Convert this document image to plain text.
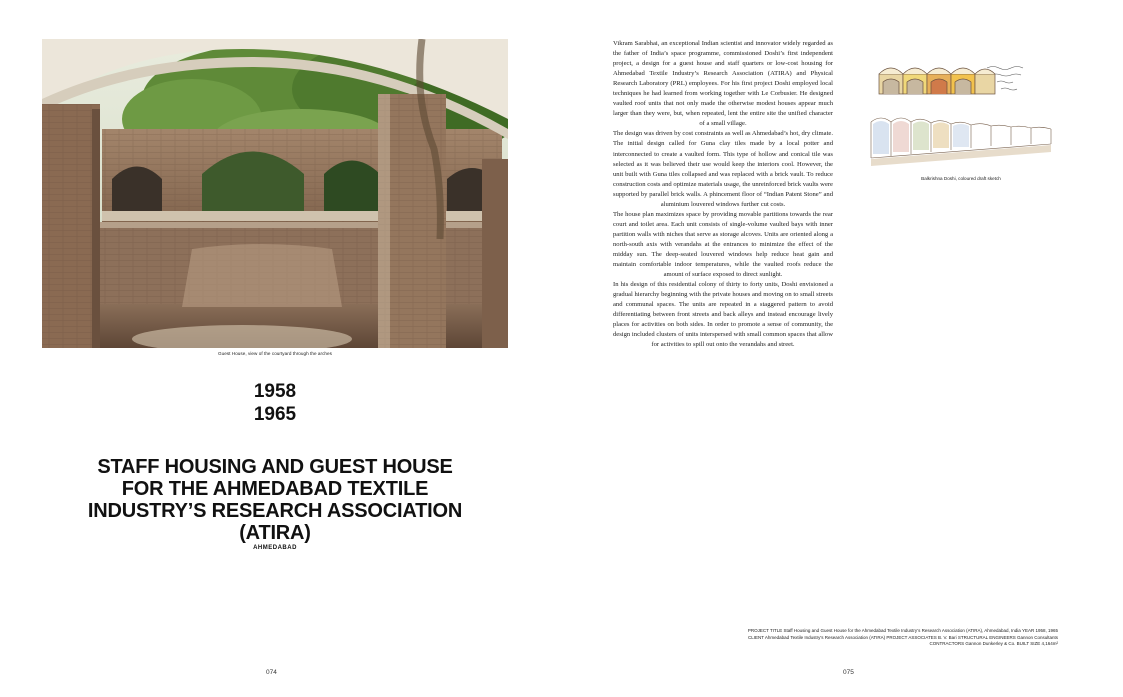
Guest House, view of the courtyard through the arches
1958
1965
STAFF HOUSING AND GUEST HOUSE
FOR THE AHMEDABAD TEXTILE
INDUSTRY’S RESEARCH ASSOCIATION
(ATIRA)
AHMEDABAD
074

Vikram Sarabhai, an exceptional Indian scientist and innovator widely regarded as the father of India’s space programme, commissioned Doshi’s first independent project, a design for a guest house and staff quarters or low-cost housing for Ahmedabad Textile Industry’s Research Association (ATIRA) and Physical Research Laboratory (PRL) employees. For his first project Doshi employed local techniques he had learned from working together with Le Corbusier. He designed vaulted roof units that not only made the otherwise modest houses appear much larger than they were, but, when repeated, lent the entire site the unified character of a small village.

The design was driven by cost constraints as well as Ahmedabad’s hot, dry climate. The initial design called for Guna clay tiles made by a local potter and interconnected to create a vaulted form. This type of hollow and conical tile was selected as it was believed their use would keep the interiors cool. However, the unit built with Guna tiles collapsed and was replaced with a brick vault. To reduce construction costs and optimize materials usage, the unreinforced brick vaults were supported by parallel brick walls. A phincement floor of “Indian Patent Stone” and aluminium louvered windows further cut costs.

The house plan maximizes space by providing movable partitions towards the rear court and toilet area. Each unit consists of single-volume vaulted bays with inner partition walls with niches that serve as storage alcoves. Units are oriented along a north-south axis with verandahs at the entrances to minimize the effect of the midday sun. The deep-seated louvered windows help reduce heat gain and maintain comfortable indoor temperatures, while the vaulted roofs reduce the amount of surface exposed to direct sunlight.

In his design of this residential colony of thirty to forty units, Doshi envisioned a gradual hierarchy beginning with the private houses and moving on to small streets and communal spaces. The units are repeated in a staggered pattern to avoid differentiating between front streets and back alleys and instead encourage lively places for activities on both sides. In order to promote a sense of community, the design included clusters of units interspersed with small common spaces that allow for activities to spill out onto the verandahs and street.

Balkrishna Doshi, coloured draft sketch
PROJECT TITLE Staff Housing and Guest House for the Ahmedabad Textile Industry’s Research Association (ATIRA), Ahmedabad, India YEAR 1958, 1965
CLIENT Ahmedabad Textile Industry’s Research Association (ATIRA) PROJECT ASSOCIATES B. V. Bari STRUCTURAL ENGINEERS Gannon Consultants
CONTRACTORS Gannon Dunkerley & Co. BUILT SIZE 4,164m²
075
